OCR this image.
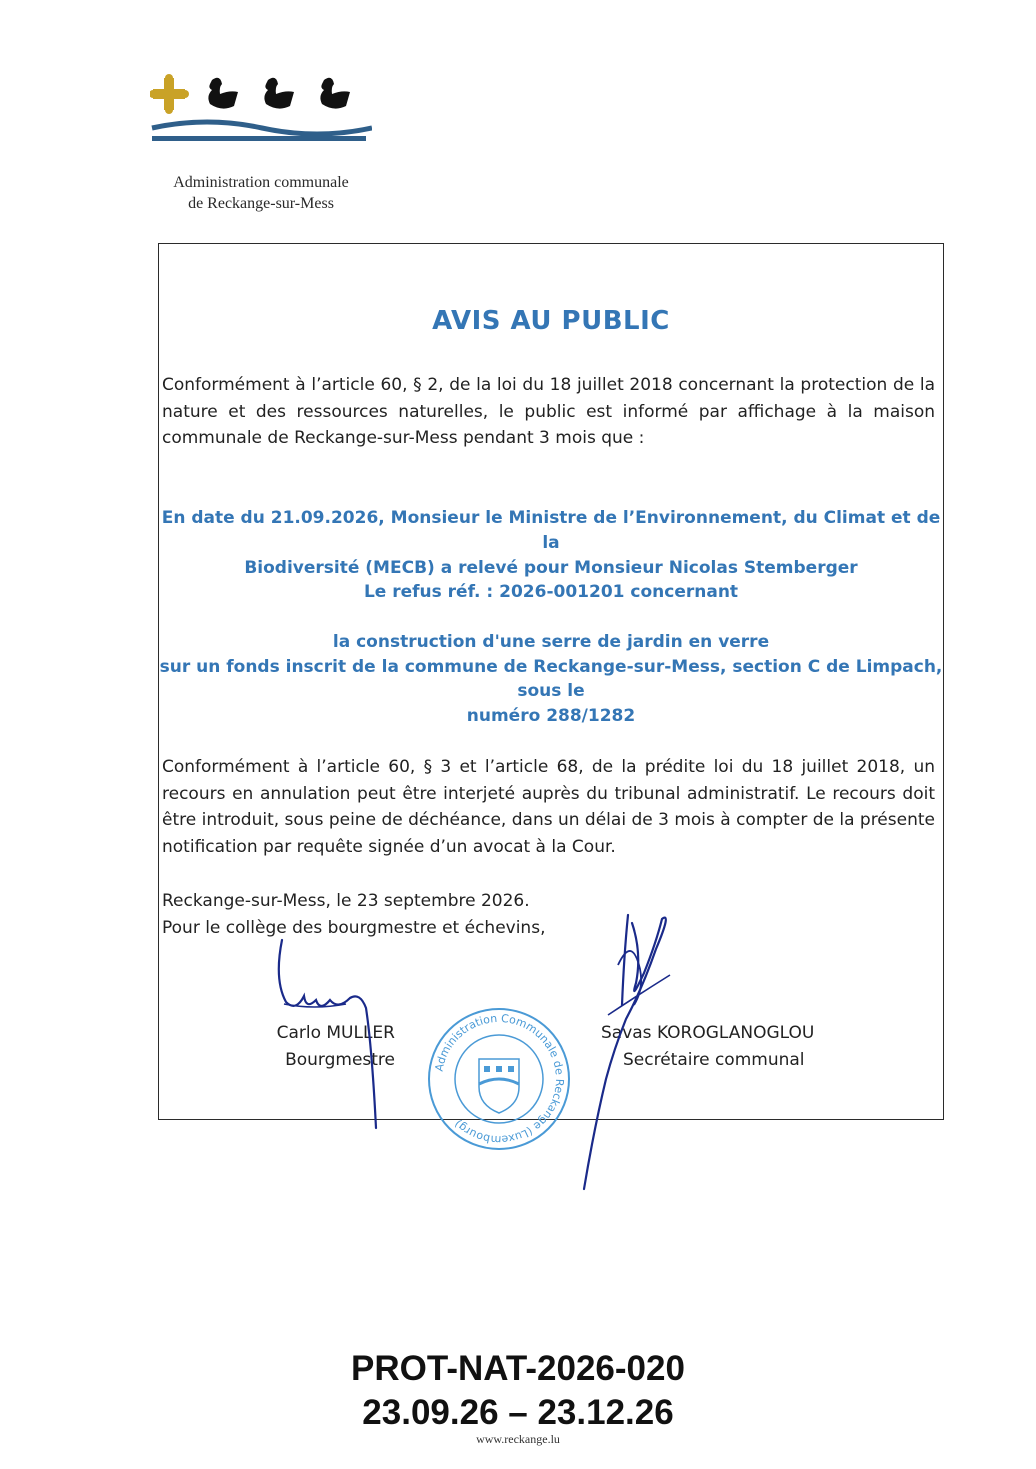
Administration communale
de Reckange-sur-Mess
AVIS AU PUBLIC
Conformément à l’article 60, § 2, de la loi du 18 juillet 2018 concernant la protection de la nature et des ressources naturelles, le public est informé par affichage à la maison communale de Reckange-sur-Mess pendant 3 mois que :
En date du 21.09.2026, Monsieur le Ministre de l’Environnement, du Climat et de la
Biodiversité (MECB) a relevé pour Monsieur Nicolas Stemberger
Le refus réf. : 2026-001201 concernant
la construction d'une serre de jardin en verre
sur un fonds inscrit de la commune de Reckange-sur-Mess, section C de Limpach,
sous le
numéro 288/1282
Conformément à l’article 60, § 3 et l’article 68, de la prédite loi du 18 juillet 2018, un recours en annulation peut être interjeté auprès du tribunal administratif. Le recours doit être introduit, sous peine de déchéance, dans un délai de 3 mois à compter de la présente notification par requête signée d’un avocat à la Cour.
Reckange-sur-Mess, le 23 septembre 2026.
Pour le collège des bourgmestre et échevins,
Carlo MULLER
Bourgmestre
Savas KOROGLANOGLOU
Secrétaire communal
Administration Communale de Reckange (Luxembourg)
PROT-NAT-2026-020
23.09.26 – 23.12.26
www.reckange.lu
